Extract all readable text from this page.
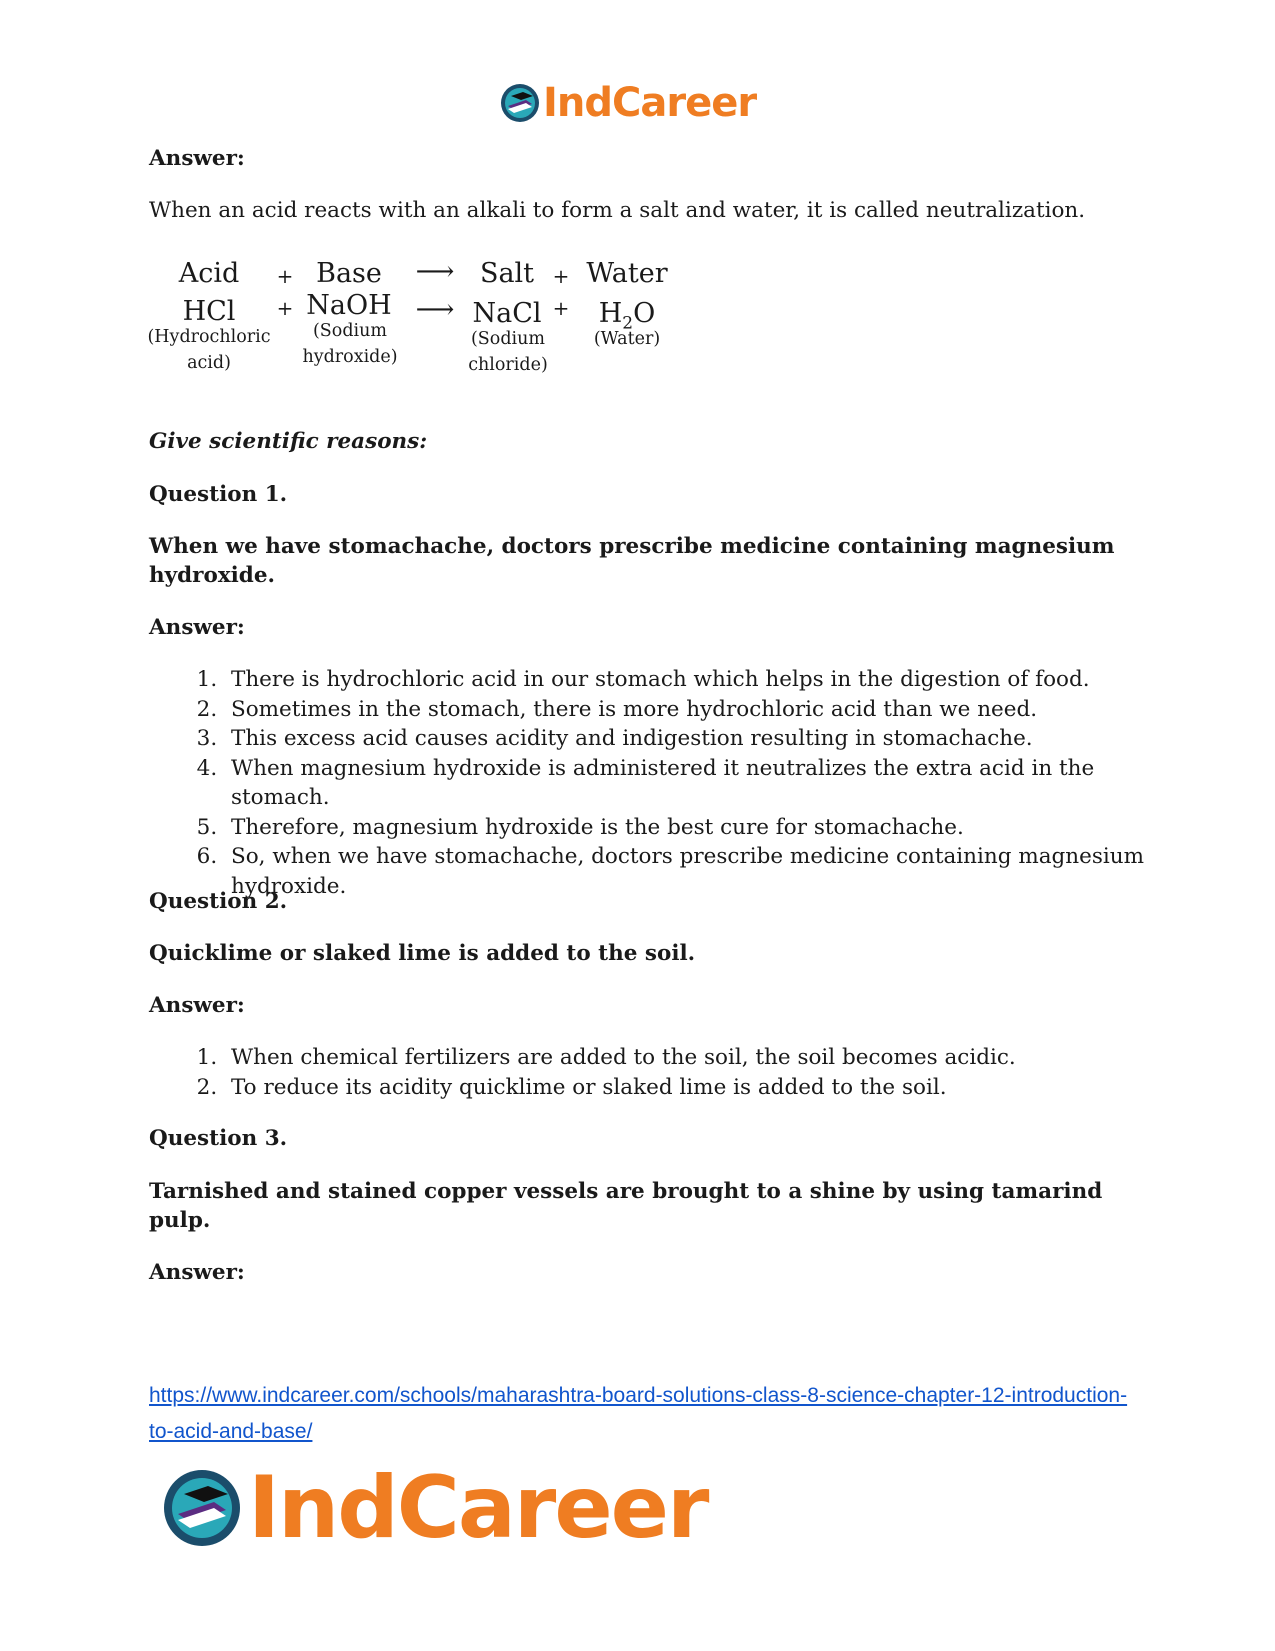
IndCareer
Answer:
When an acid reacts with an alkali to form a salt and water, it is called neutralization.
Acid	+ Base	⟶ Salt + Water
HCl	+ NaOH ⟶ NaCl +	$H_2O$
(Hydrochloric
acid)
(Sodium
hydroxide)
(Sodium
chloride)
(Water)
Give scientific reasons:
Question 1.
When we have stomachache, doctors prescribe medicine containing magnesium hydroxide.
Answer:
1. There is hydrochloric acid in our stomach which helps in the digestion of food.
2. Sometimes in the stomach, there is more hydrochloric acid than we need.
3. This excess acid causes acidity and indigestion resulting in stomachache.
4. When magnesium hydroxide is administered it neutralizes the extra acid in the stomach.
5. Therefore, magnesium hydroxide is the best cure for stomachache.
6. So, when we have stomachache, doctors prescribe medicine containing magnesium hydroxide.
Question 2.
Quicklime or slaked lime is added to the soil.
Answer:
1. When chemical fertilizers are added to the soil, the soil becomes acidic.
2. To reduce its acidity quicklime or slaked lime is added to the soil.
Question 3.
Tarnished and stained copper vessels are brought to a shine by using tamarind pulp.
Answer:
https://www.indcareer.com/schools/maharashtra-board-solutions-class-8-science-chapter-12-introduction-to-acid-and-base/
IndCareer
